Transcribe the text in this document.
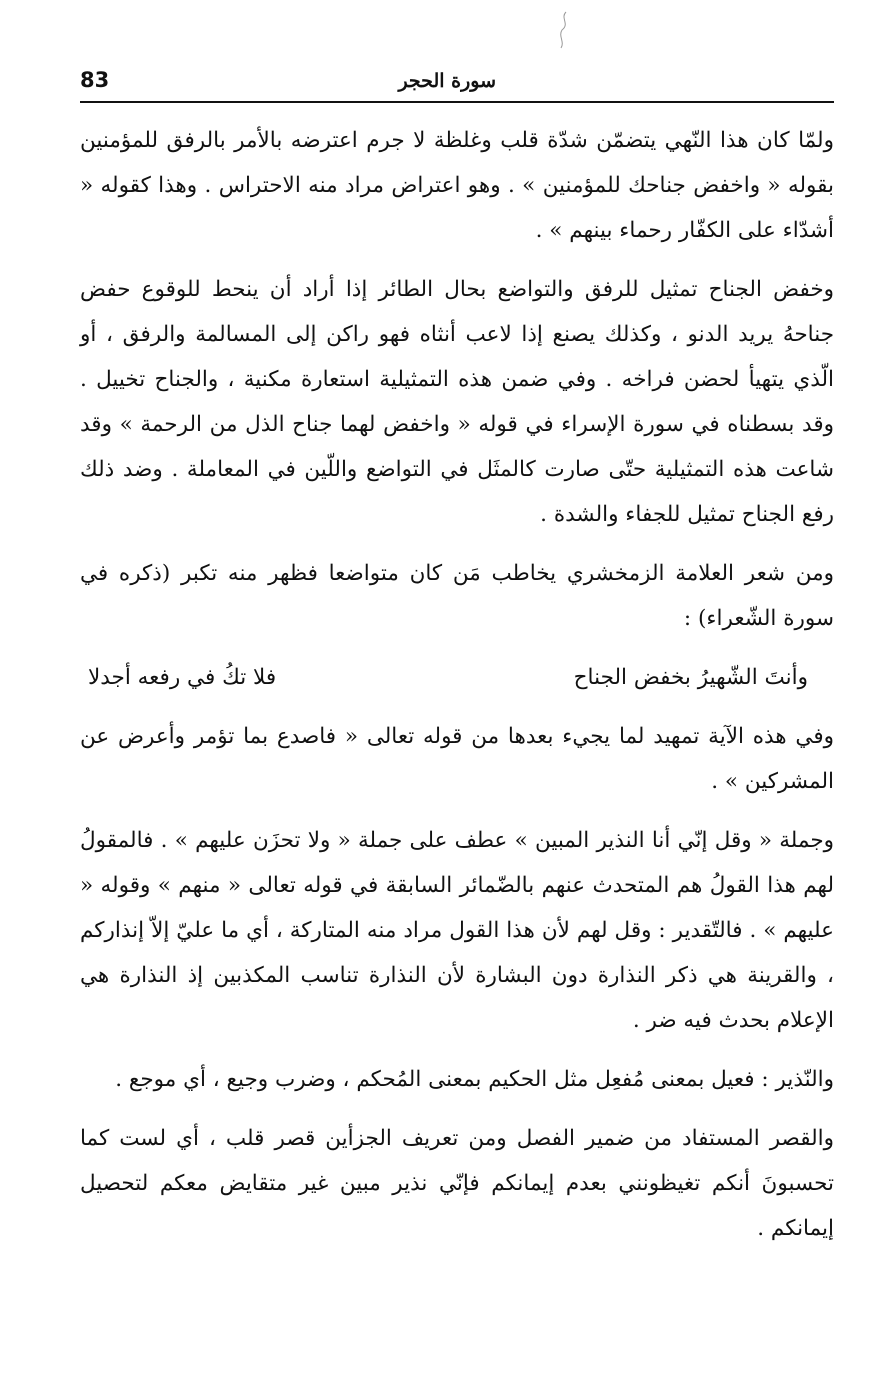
83	سورة الحجر

ولمّا كان هذا النّهي يتضمّن شدّة قلب وغلظة لا جرم اعترضه بالأمر بالرفق للمؤمنين بقوله « واخفض جناحك للمؤمنين » . وهو اعتراض مراد منه الاحتراس . وهذا كقوله « أشدّاء على الكفّار رحماء بينهم » .

وخفض الجناح تمثيل للرفق والتواضع بحال الطائر إذا أراد أن ينحط للوقوع حفض جناحهُ يريد الدنو ، وكذلك يصنع إذا لاعب أنثاه فهو راكن إلى المسالمة والرفق ، أو الّذي يتهيأ لحضن فراخه . وفي ضمن هذه التمثيلية استعارة مكنية ، والجناح تخييل . وقد بسطناه في سورة الإسراء في قوله « واخفض لهما جناح الذل من الرحمة » وقد شاعت هذه التمثيلية حتّى صارت كالمثَل في التواضع واللّين في المعاملة . وضد ذلك رفع الجناح تمثيل للجفاء والشدة .

ومن شعر العلامة الزمخشري يخاطب مَن كان متواضعا فظهر منه تكبر (ذكره في سورة الشّعراء) :

وأنتَ الشّهيرُ بخفض الجناح
فلا تكُ في رفعه أجدلا

وفي هذه الآية تمهيد لما يجيء بعدها من قوله تعالى « فاصدع بما تؤمر وأعرض عن المشركين » .

وجملة « وقل إنّي أنا النذير المبين » عطف على جملة « ولا تحزَن عليهم » . فالمقولُ لهم هذا القولُ هم المتحدث عنهم بالضّمائر السابقة في قوله تعالى « منهم » وقوله « عليهم » . فالتّقدير : وقل لهم لأن هذا القول مراد منه المتاركة ، أي ما عليّ إلاّ إنذاركم ، والقرينة هي ذكر النذارة دون البشارة لأن النذارة تناسب المكذبين إذ النذارة هي الإعلام بحدث فيه ضر .

والنّذير : فعيل بمعنى مُفعِل مثل الحكيم بمعنى المُحكم ، وضرب وجيع ، أي موجع .

والقصر المستفاد من ضمير الفصل ومن تعريف الجزأين قصر قلب ، أي لست كما تحسبونَ أنكم تغيظونني بعدم إيمانكم فإنّي نذير مبين غير متقايض معكم لتحصيل إيمانكم .
